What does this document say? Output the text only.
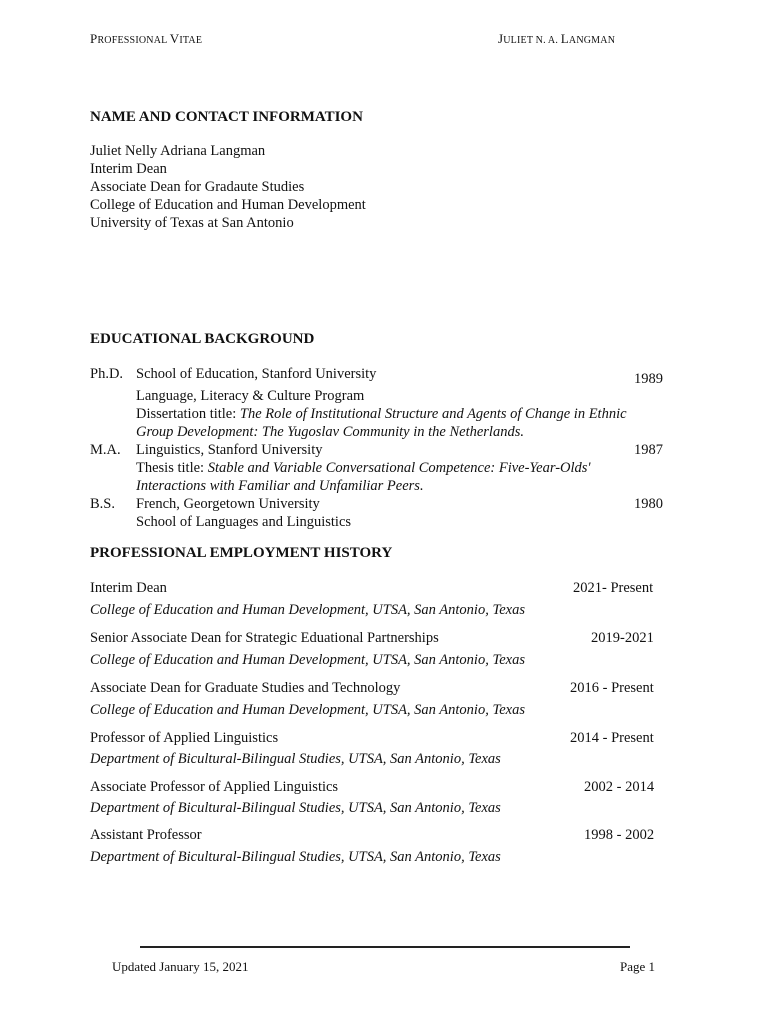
PROFESSIONAL VITAE	JULIET N. A. LANGMAN
NAME AND CONTACT INFORMATION
Juliet Nelly Adriana Langman
Interim Dean
Associate Dean for Gradaute Studies
College of Education and Human Development
University of Texas at San Antonio
EDUCATIONAL BACKGROUND
Ph.D. School of Education, Stanford University	1989
Language, Literacy & Culture Program
Dissertation title: The Role of Institutional Structure and Agents of Change in Ethnic
Group Development: The Yugoslav Community in the Netherlands.
M.A. Linguistics, Stanford University	1987
Thesis title: Stable and Variable Conversational Competence: Five-Year-Olds'
Interactions with Familiar and Unfamiliar Peers.
B.S. French, Georgetown University	1980
School of Languages and Linguistics
PROFESSIONAL EMPLOYMENT HISTORY
Interim Dean	2021- Present
College of Education and Human Development, UTSA, San Antonio, Texas
Senior Associate Dean for Strategic Edu​ational Partnerships	2019-2021
College of Education and Human Development, UTSA, San Antonio, Texas
Associate Dean for Graduate Studies and Technology	2016 - Present
College of Education and Human Development, UTSA, San Antonio, Texas
Professor of Applied Linguistics	2014 - Present
Department of Bicultural-Bilingual Studies, UTSA, San Antonio, Texas
Associate Professor of Applied Linguistics	2002 - 2014
Department of Bicultural-Bilingual Studies, UTSA, San Antonio, Texas
Assistant Professor	1998 - 2002
Department of Bicultural-Bilingual Studies, UTSA, San Antonio, Texas
Updated January 15, 2021	Page 1
